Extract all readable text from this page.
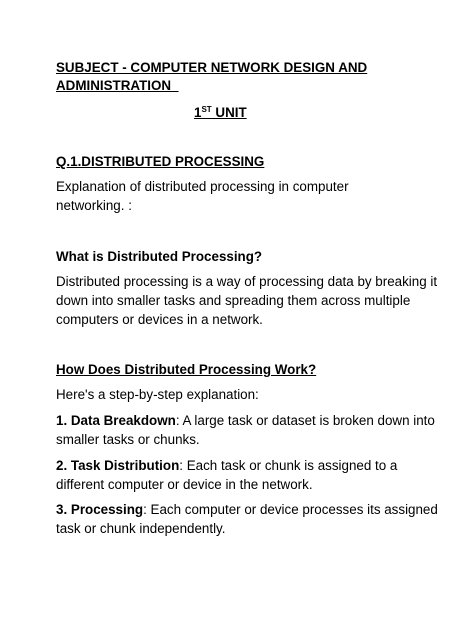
SUBJECT - COMPUTER NETWORK DESIGN AND
ADMINISTRATION
1ST UNIT
Q.1.DISTRIBUTED PROCESSING
Explanation of distributed processing in computer
networking. :
What is Distributed Processing?
Distributed processing is a way of processing data by breaking it
down into smaller tasks and spreading them across multiple
computers or devices in a network.
How Does Distributed Processing Work?
Here's a step-by-step explanation:
1. Data Breakdown: A large task or dataset is broken down into
smaller tasks or chunks.
2. Task Distribution: Each task or chunk is assigned to a
different computer or device in the network.
3. Processing: Each computer or device processes its assigned
task or chunk independently.
